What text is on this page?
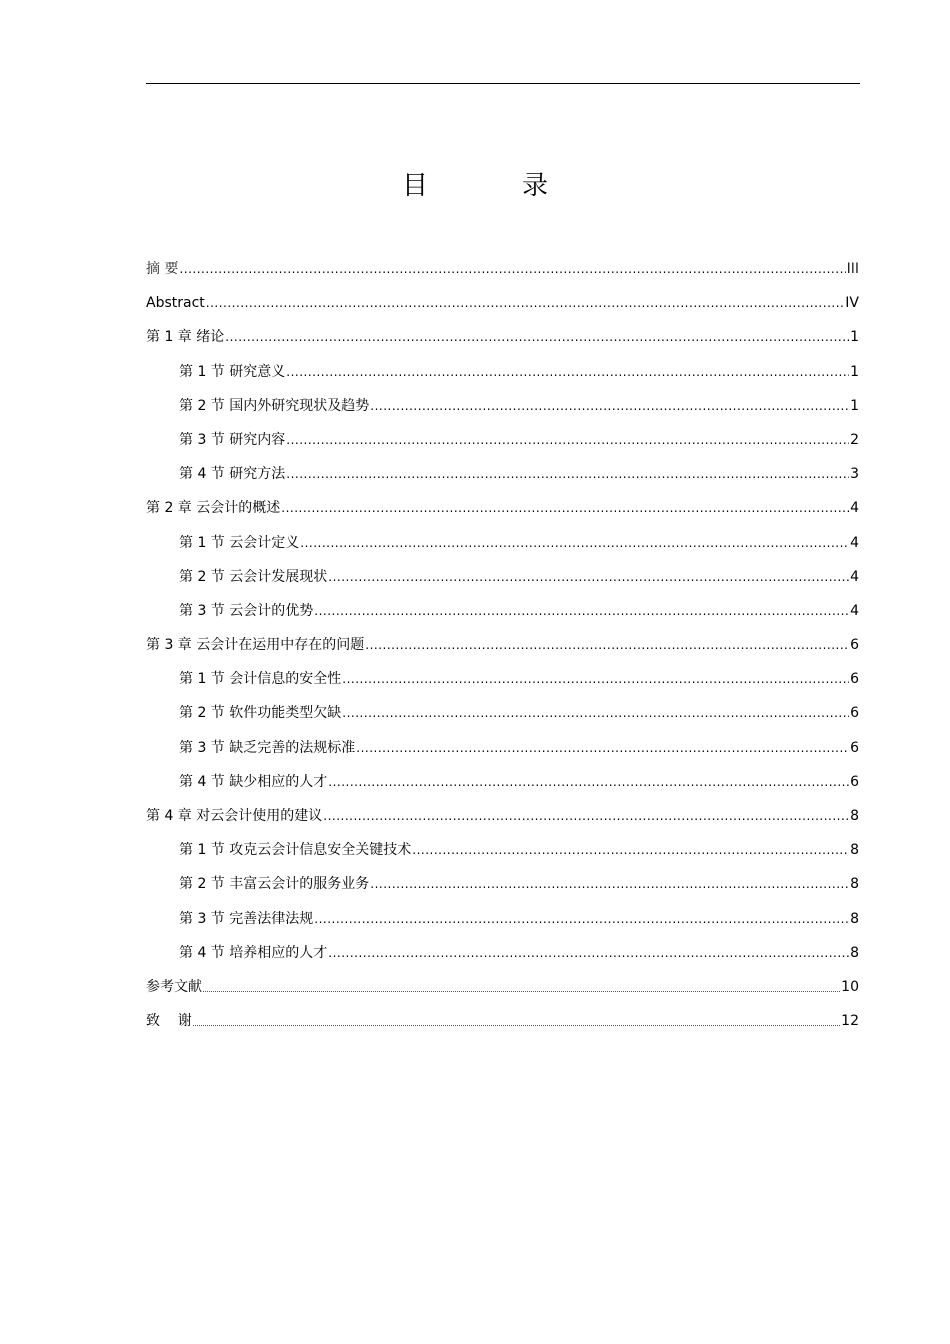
目　录
摘 要 .....	III
Abstract .....	IV
第 1 章 绪论 .....	1
第 1 节 研究意义 .....	1
第 2 节 国内外研究现状及趋势 .....	1
第 3 节 研究内容 .....	2
第 4 节 研究方法 .....	3
第 2 章 云会计的概述 .....	4
第 1 节 云会计定义 .....	4
第 2 节 云会计发展现状 .....	4
第 3 节 云会计的优势 .....	4
第 3 章 云会计在运用中存在的问题 .....	6
第 1 节 会计信息的安全性 .....	6
第 2 节 软件功能类型欠缺 .....	6
第 3 节 缺乏完善的法规标准 .....	6
第 4 节 缺少相应的人才 .....	6
第 4 章 对云会计使用的建议 .....	8
第 1 节 攻克云会计信息安全关键技术 .....	8
第 2 节 丰富云会计的服务业务 .....	8
第 3 节 完善法律法规 .....	8
第 4 节 培养相应的人才 .....	8
参考文献	10
致    谢	12
